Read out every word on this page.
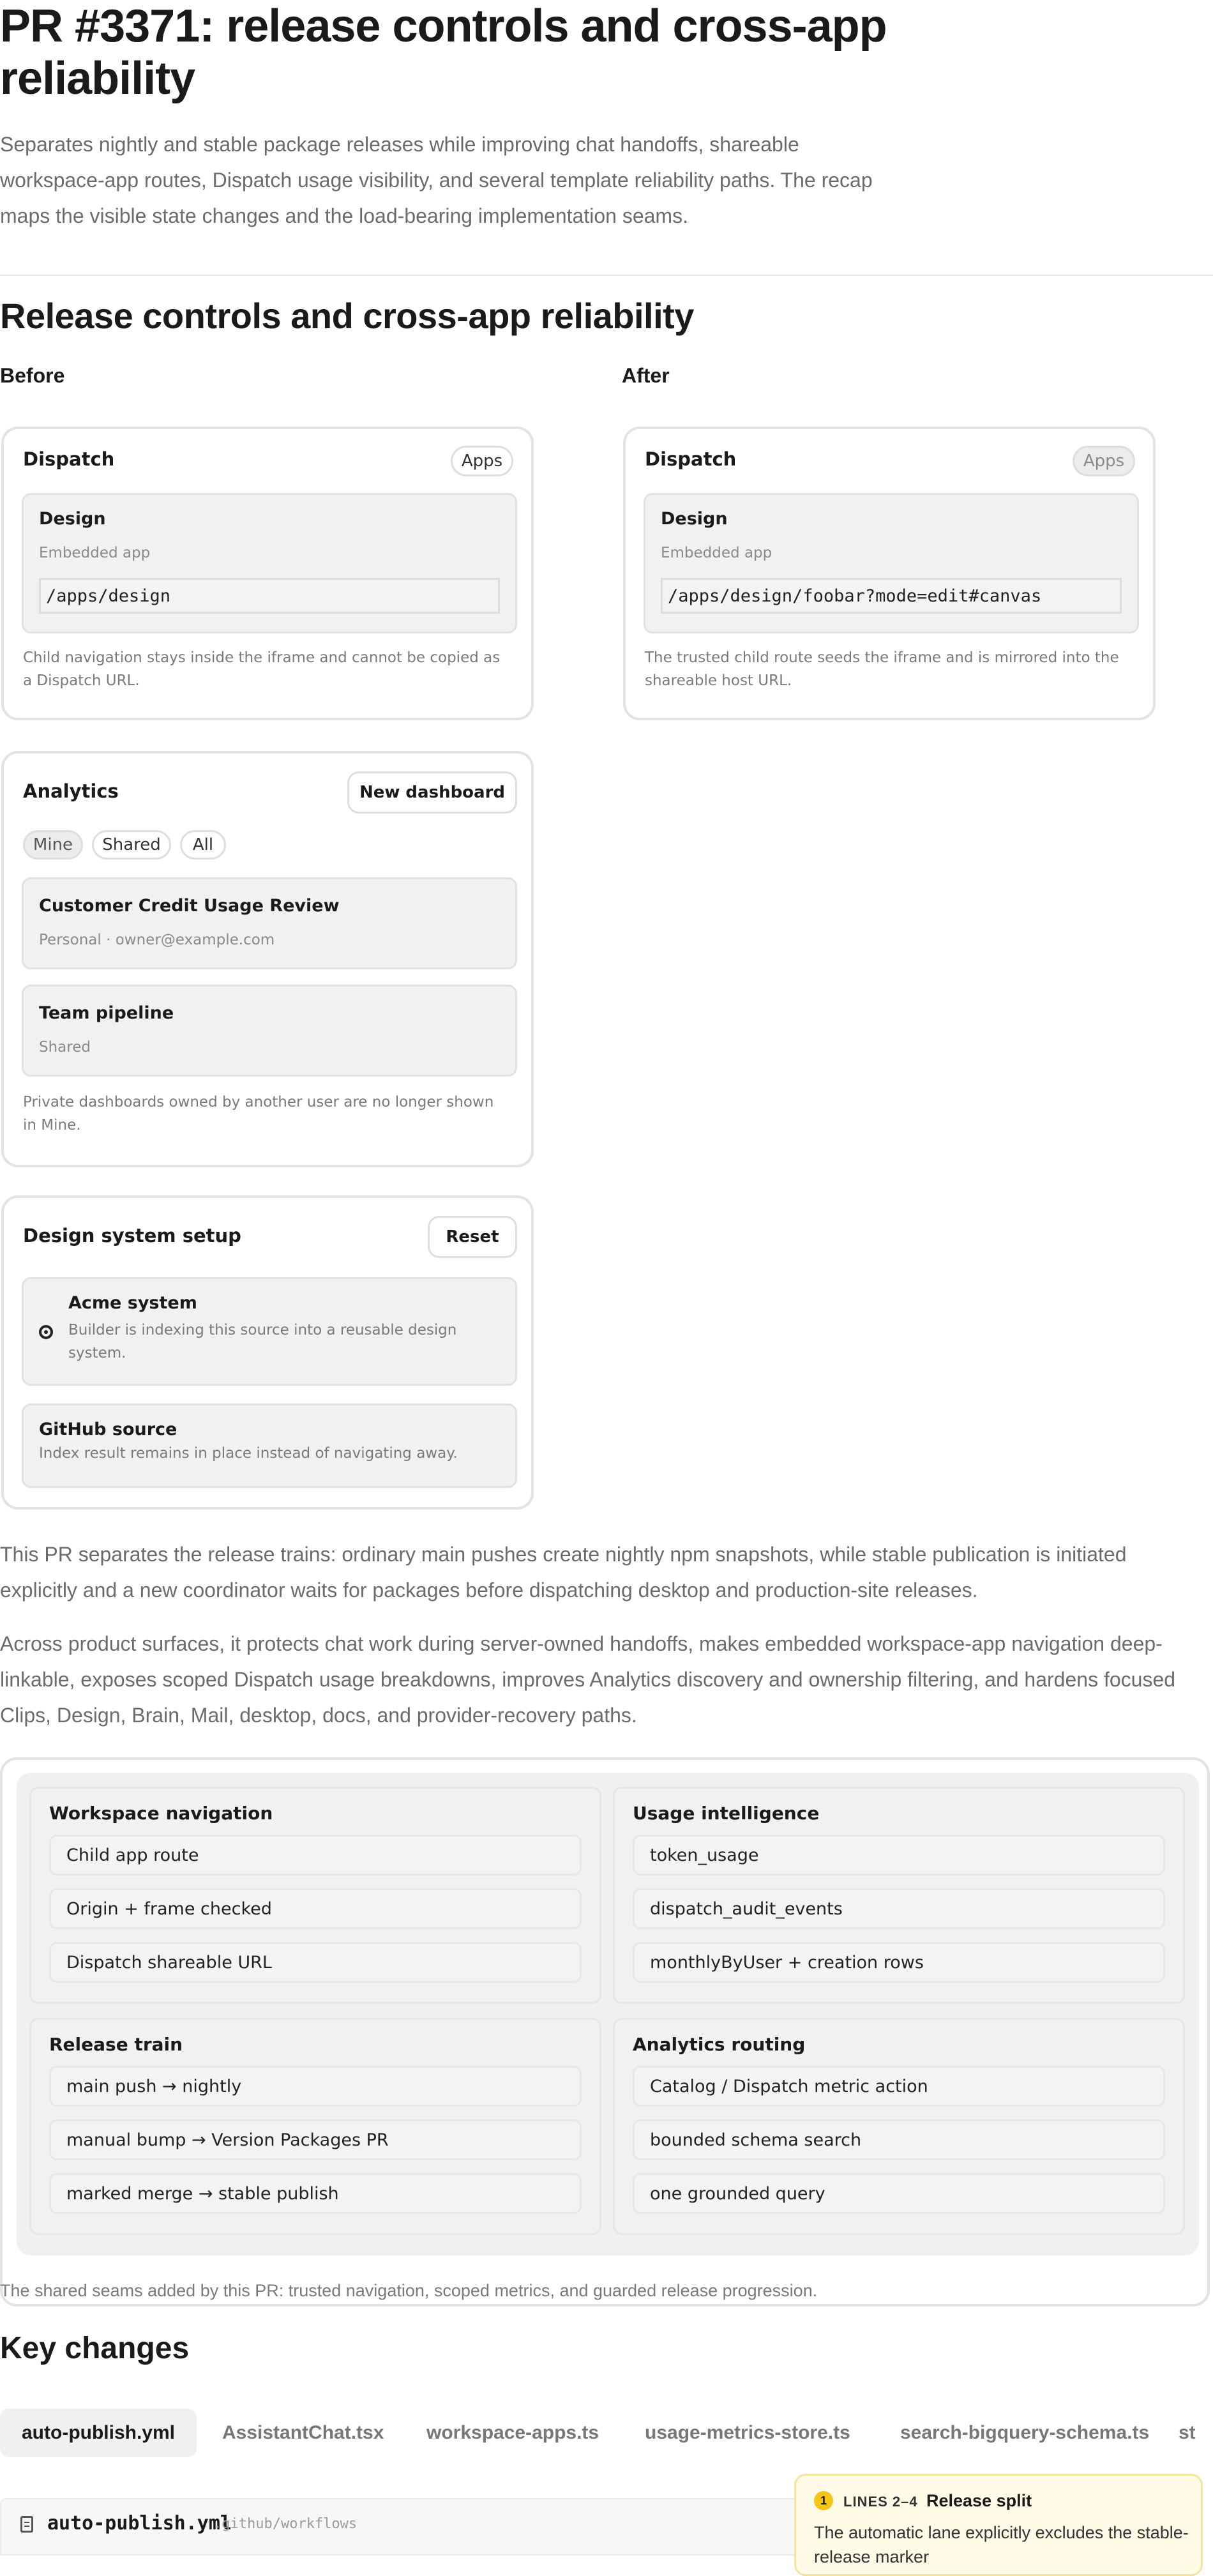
PR #3371: release controls and cross-app reliability

Separates nightly and stable package releases while improving chat handoffs, shareable workspace-app routes, Dispatch usage visibility, and several template reliability paths. The recap maps the visible state changes and the load-bearing implementation seams.

Release controls and cross-app reliability
Before	After
Dispatch	Apps
Design
Embedded app
/apps/design
Child navigation stays inside the iframe and cannot be copied as a Dispatch URL.
Dispatch	Apps
Design
Embedded app
/apps/design/foobar?mode=edit#canvas
The trusted child route seeds the iframe and is mirrored into the shareable host URL.
Analytics	New dashboard
Mine	Shared	All
Customer Credit Usage Review
Personal · owner@example.com
Team pipeline
Shared
Private dashboards owned by another user are no longer shown in Mine.
Design system setup	Reset
Acme system
Builder is indexing this source into a reusable design system.
GitHub source
Index result remains in place instead of navigating away.

This PR separates the release trains: ordinary main pushes create nightly npm snapshots, while stable publication is initiated explicitly and a new coordinator waits for packages before dispatching desktop and production-site releases.

Across product surfaces, it protects chat work during server-owned handoffs, makes embedded workspace-app navigation deep-linkable, exposes scoped Dispatch usage breakdowns, improves Analytics discovery and ownership filtering, and hardens focused Clips, Design, Brain, Mail, desktop, docs, and provider-recovery paths.

Workspace navigation
Child app route
Origin + frame checked
Dispatch shareable URL
Usage intelligence
token_usage
dispatch_audit_events
monthlyByUser + creation rows
Release train
main push → nightly
manual bump → Version Packages PR
marked merge → stable publish
Analytics routing
Catalog / Dispatch metric action
bounded schema search
one grounded query
The shared seams added by this PR: trusted navigation, scoped metrics, and guarded release progression.
Key changes
auto-publish.yml	AssistantChat.tsx	workspace-apps.ts	usage-metrics-store.ts	search-bigquery-schema.ts	st
auto-publish.yml
.github/workflows
1	LINES 2–4 Release split
The automatic lane explicitly excludes the stable-release marker
